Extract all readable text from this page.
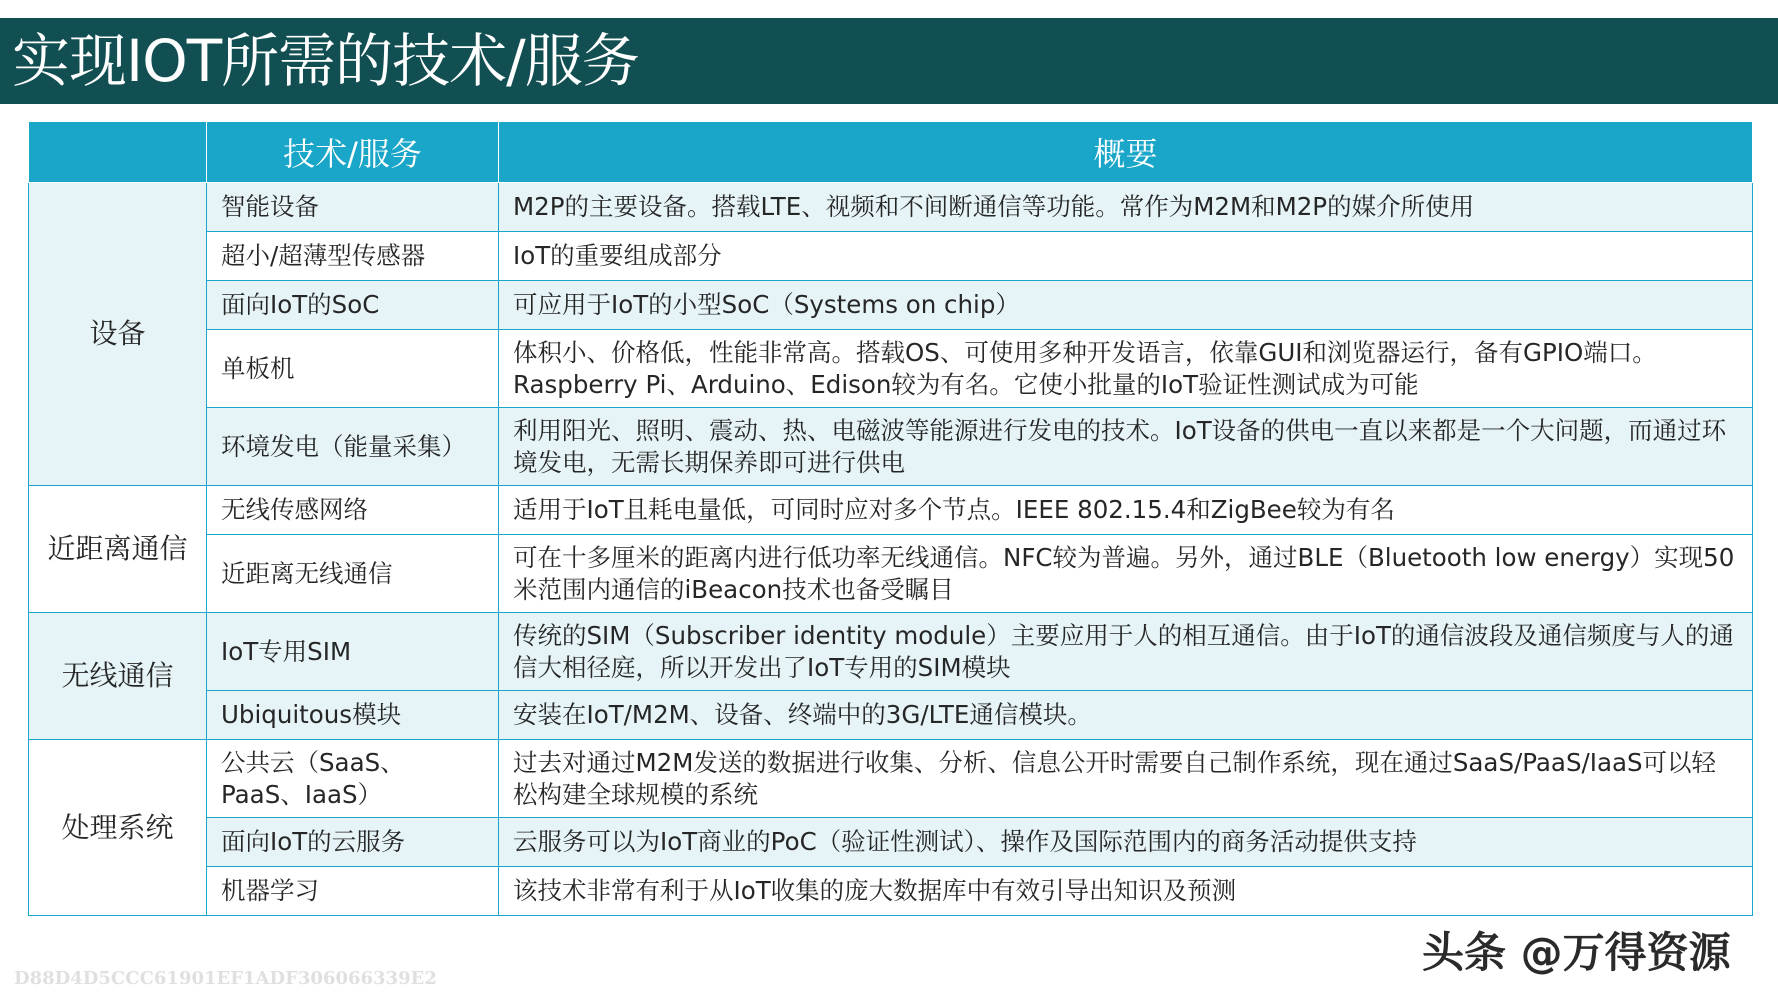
实现IOT所需的技术/服务
	技术/服务	概要
设备	智能设备	M2P的主要设备。搭载LTE、视频和不间断通信等功能。常作为M2M和M2P的媒介所使用
	超小/超薄型传感器	IoT的重要组成部分
	面向IoT的SoC	可应用于IoT的小型SoC（Systems on chip）
	单板机	体积小、价格低，性能非常高。搭载OS、可使用多种开发语言，依靠GUI和浏览器运行，备有GPIO端口。Raspberry Pi、Arduino、Edison较为有名。它使小批量的IoT验证性测试成为可能
	环境发电（能量采集）	利用阳光、照明、震动、热、电磁波等能源进行发电的技术。IoT设备的供电一直以来都是一个大问题，而通过环境发电，无需长期保养即可进行供电
近距离通信	无线传感网络	适用于IoT且耗电量低，可同时应对多个节点。IEEE 802.15.4和ZigBee较为有名
	近距离无线通信	可在十多厘米的距离内进行低功率无线通信。NFC较为普遍。另外，通过BLE（Bluetooth low energy）实现50米范围内通信的iBeacon技术也备受瞩目
无线通信	IoT专用SIM	传统的SIM（Subscriber identity module）主要应用于人的相互通信。由于IoT的通信波段及通信频度与人的通信大相径庭，所以开发出了IoT专用的SIM模块
	Ubiquitous模块	安装在IoT/M2M、设备、终端中的3G/LTE通信模块。
处理系统	公共云（SaaS、PaaS、IaaS）	过去对通过M2M发送的数据进行收集、分析、信息公开时需要自己制作系统，现在通过SaaS/PaaS/IaaS可以轻松构建全球规模的系统
	面向IoT的云服务	云服务可以为IoT商业的PoC（验证性测试）、操作及国际范围内的商务活动提供支持
	机器学习	该技术非常有利于从IoT收集的庞大数据库中有效引导出知识及预测
头条 @万得资源
D88D4D5CCC61901EF1ADF306066339E2
